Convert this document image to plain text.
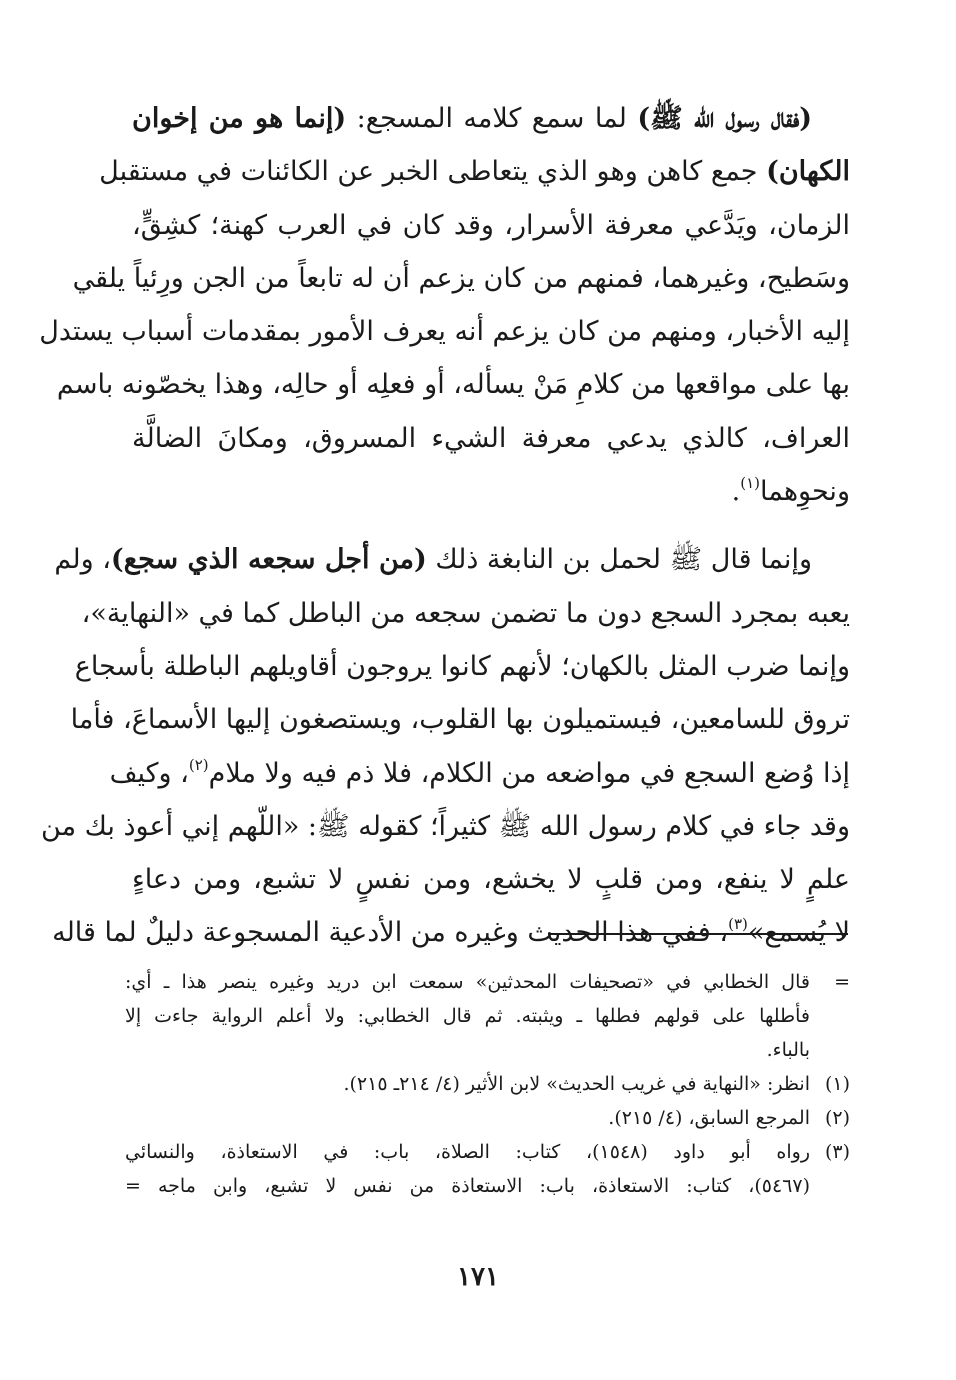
(فقال رسول الله ﷺ) لما سمع كلامه المسجع: (إنما هو من إخوان

الكهان) جمع كاهن وهو الذي يتعاطى الخبر عن الكائنات في مستقبل
الزمان، ويَدَّعي معرفة الأسرار، وقد كان في العرب كهنة؛ كشِقٍّ،
وسَطيح، وغيرهما، فمنهم من كان يزعم أن له تابعاً من الجن ورِئياً يلقي
إليه الأخبار، ومنهم من كان يزعم أنه يعرف الأمور بمقدمات أسباب يستدل
بها على مواقعها من كلامِ مَنْ يسأله، أو فعلِه أو حالِه، وهذا يخصّونه باسم
العراف، كالذي يدعي معرفة الشيء المسروق، ومكانَ الضالَّة
ونحوِهما$^{(١)}$.

وإنما قال ﷺ لحمل بن النابغة ذلك (من أجل سجعه الذي سجع)، ولم

يعبه بمجرد السجع دون ما تضمن سجعه من الباطل كما في «النهاية»،
وإنما ضرب المثل بالكهان؛ لأنهم كانوا يروجون أقاويلهم الباطلة بأسجاع
تروق للسامعين، فيستميلون بها القلوب، ويستصغون إليها الأسماعَ، فأما
إذا وُضع السجع في مواضعه من الكلام، فلا ذم فيه ولا ملام$^{(٢)}$، وكيف
وقد جاء في كلام رسول الله ﷺ كثيراً؛ كقوله ﷺ: «اللّهم إني أعوذ بك من
علمٍ لا ينفع، ومن قلبٍ لا يخشع، ومن نفسٍ لا تشبع، ومن دعاءٍ
لا يُسمع»$^{(٣)}$، ففي هذا الحديث وغيره من الأدعية المسجوعة دليلٌ لما قاله

=
قال الخطابي في «تصحيفات المحدثين» سمعت ابن دريد وغيره ينصر هذا ـ أي:
فأطلها على قولهم فطلها ـ ويثبته. ثم قال الخطابي: ولا أعلم الرواية جاءت إلا
بالباء.
(١)
انظر: «النهاية في غريب الحديث» لابن الأثير (٤/ ٢١٤ـ ٢١٥).
(٢)
المرجع السابق، (٤/ ٢١٥).
(٣)
رواه أبو داود (١٥٤٨)، كتاب: الصلاة، باب: في الاستعاذة، والنسائي
(٥٤٦٧)، كتاب: الاستعاذة، باب: الاستعاذة من نفس لا تشبع، وابن ماجه =
١٧١
